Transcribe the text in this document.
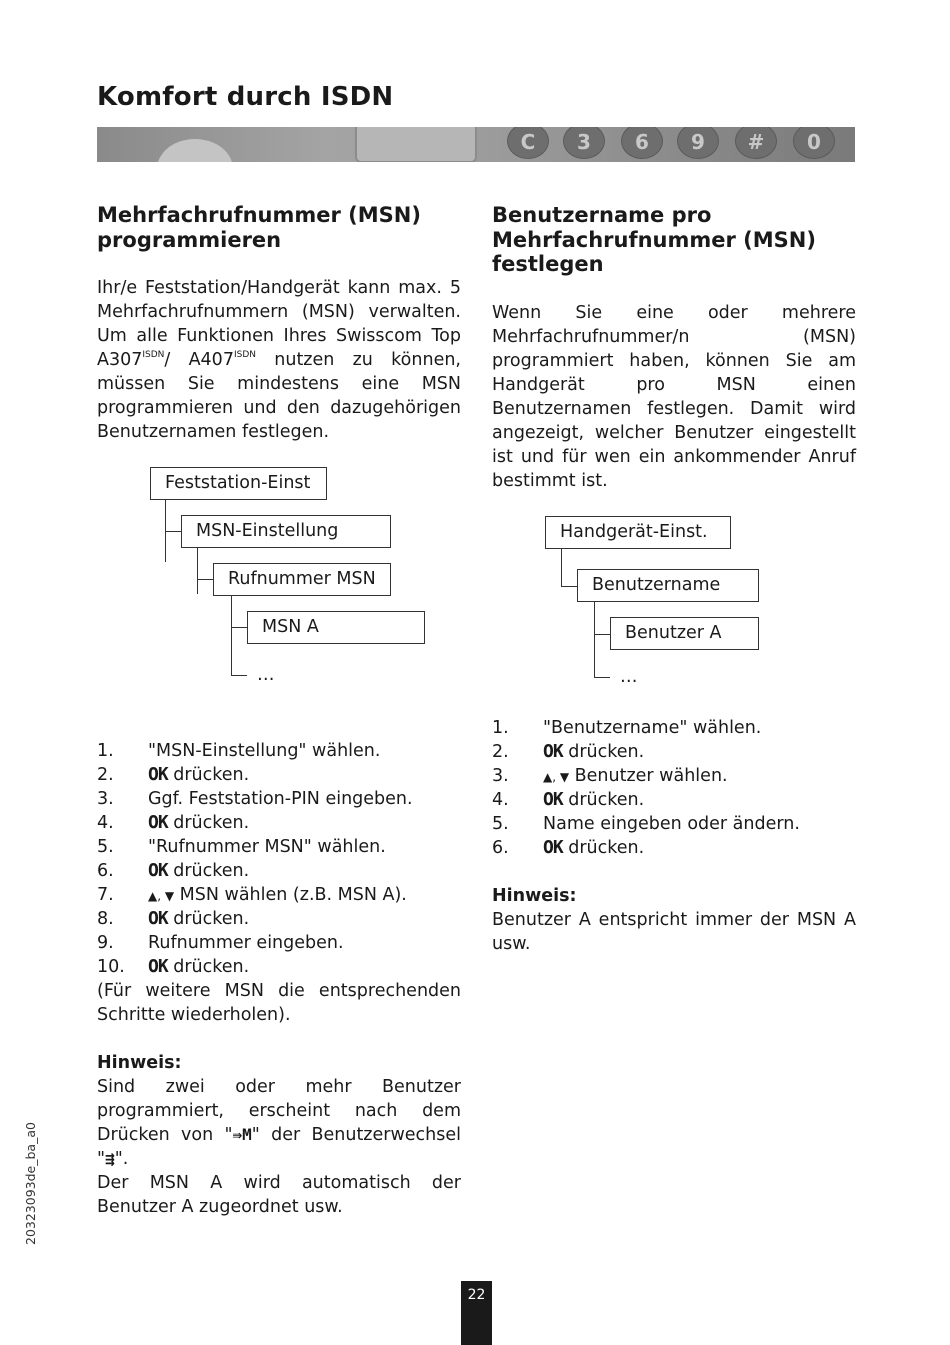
Komfort durch ISDN
C	3	6	9	#	0
Mehrfachrufnummer (MSN)
programmieren
Ihr/e Feststation/Handgerät kann max. 5 Mehrfachrufnummern (MSN) verwalten. Um alle Funktionen Ihres Swisscom Top $A307^{ISDN}/$ $A407^{ISDN}$ nutzen zu können, müssen Sie mindestens eine MSN programmieren und den dazugehörigen Benutzernamen festlegen.
Feststation-Einst
MSN-Einstellung
Rufnummer MSN
MSN A
…
1. "MSN-Einstellung" wählen.
2. OK drücken.
3. Ggf. Feststation-PIN eingeben.
4. OK drücken.
5. "Rufnummer MSN" wählen.
6. OK drücken.
7.	▲, ▼ MSN wählen (z.B. MSN A).
8. OK drücken.
9. Rufnummer eingeben.
10. OK drücken.
(Für weitere MSN die entsprechenden Schritte wiederholen).
Hinweis:
Sind zwei oder mehr Benutzer programmiert, erscheint nach dem Drücken von "⇛M" der Benutzerwechsel "⇶".
Der MSN A wird automatisch der Benutzer A zugeordnet usw.
Benutzername pro
Mehrfachrufnummer (MSN)
festlegen
Wenn Sie eine oder mehrere Mehrfachrufnummer/n (MSN) programmiert haben, können Sie am Handgerät pro MSN einen Benutzernamen festlegen. Damit wird angezeigt, welcher Benutzer eingestellt ist und für wen ein ankommender Anruf bestimmt ist.
Handgerät-Einst.
Benutzername
Benutzer A
…
1. "Benutzername" wählen.
2. OK drücken.
3.	▲, ▼ Benutzer wählen.
4. OK drücken.
5. Name eingeben oder ändern.
6. OK drücken.
Hinweis:
Benutzer A entspricht immer der MSN A usw.
20323093de_ba_a0
22
